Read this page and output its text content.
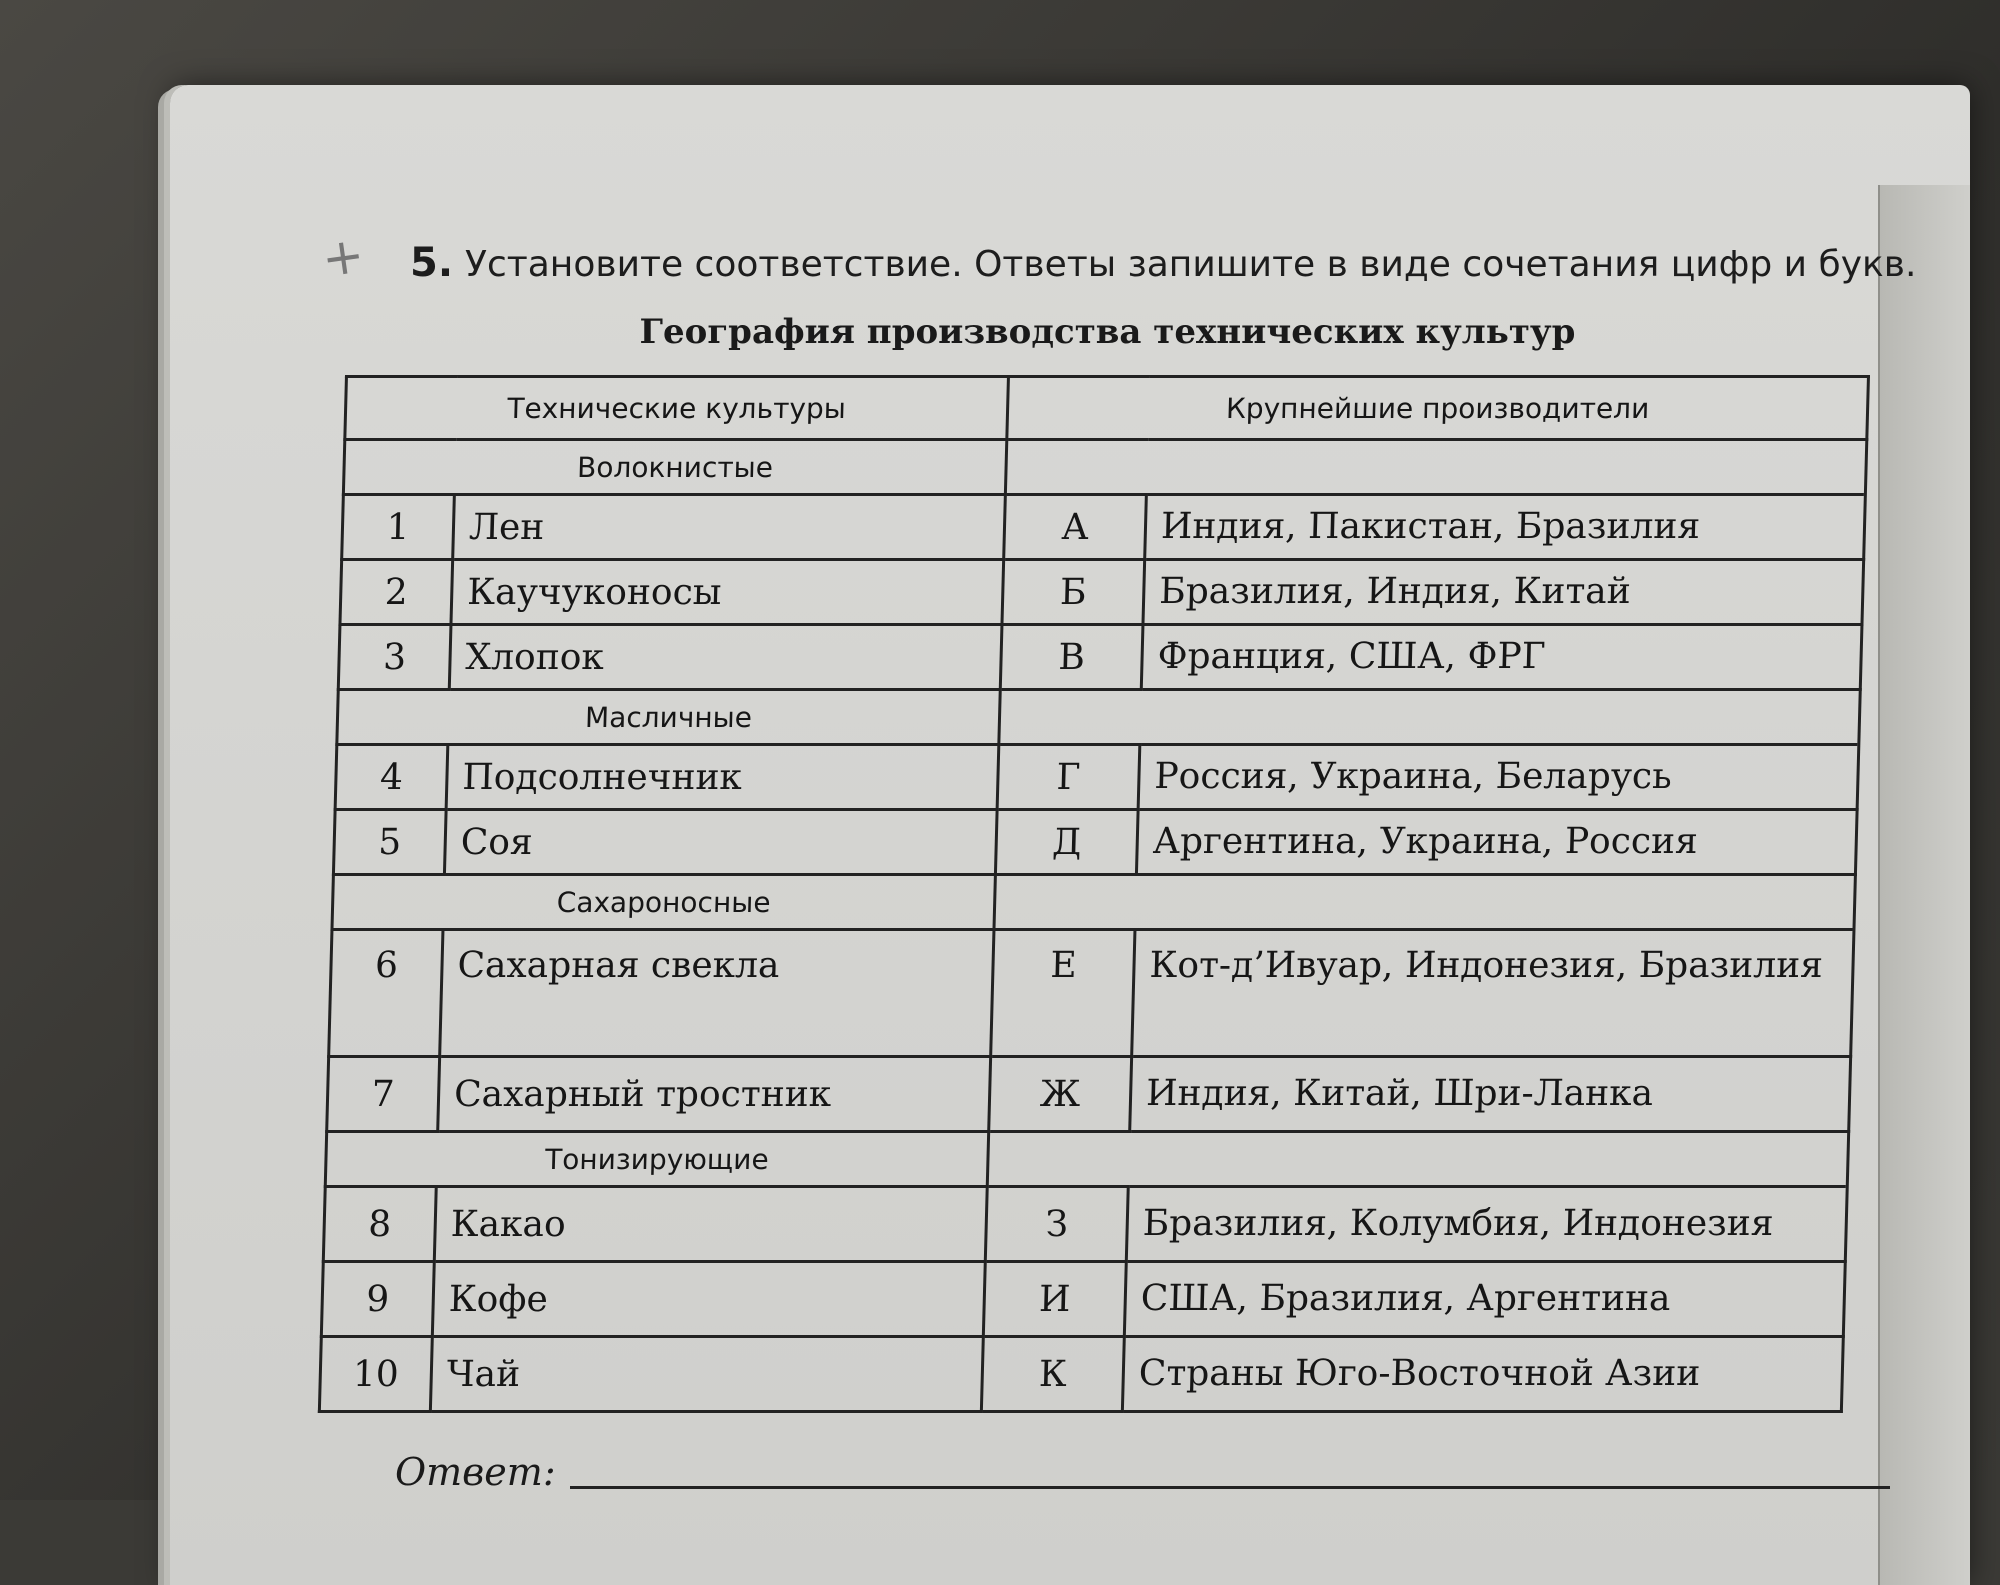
+ 5. Установите соответствие. Ответы запишите в виде сочетания цифр и букв.
География производства технических культур
Технические культуры		Крупнейшие производители	
Волокнистые			
1	Лен	А	Индия, Пакистан, Бразилия
2	Каучуконосы	Б	Бразилия, Индия, Китай
3	Хлопок	В	Франция, США, ФРГ
Масличные			
4	Подсолнечник	Г	Россия, Украина, Беларусь
5	Соя	Д	Аргентина, Украина, Россия
Сахароносные			
6	Сахарная свекла	Е	Кот-д’Ивуар, Индонезия, Бразилия
7	Сахарный тростник	Ж	Индия, Китай, Шри-Ланка
Тонизирующие			
8	Какао	З	Бразилия, Колумбия, Индонезия
9	Кофе	И	США, Бразилия, Аргентина
10	Чай	К	Страны Юго-Восточной Азии
Ответ:
